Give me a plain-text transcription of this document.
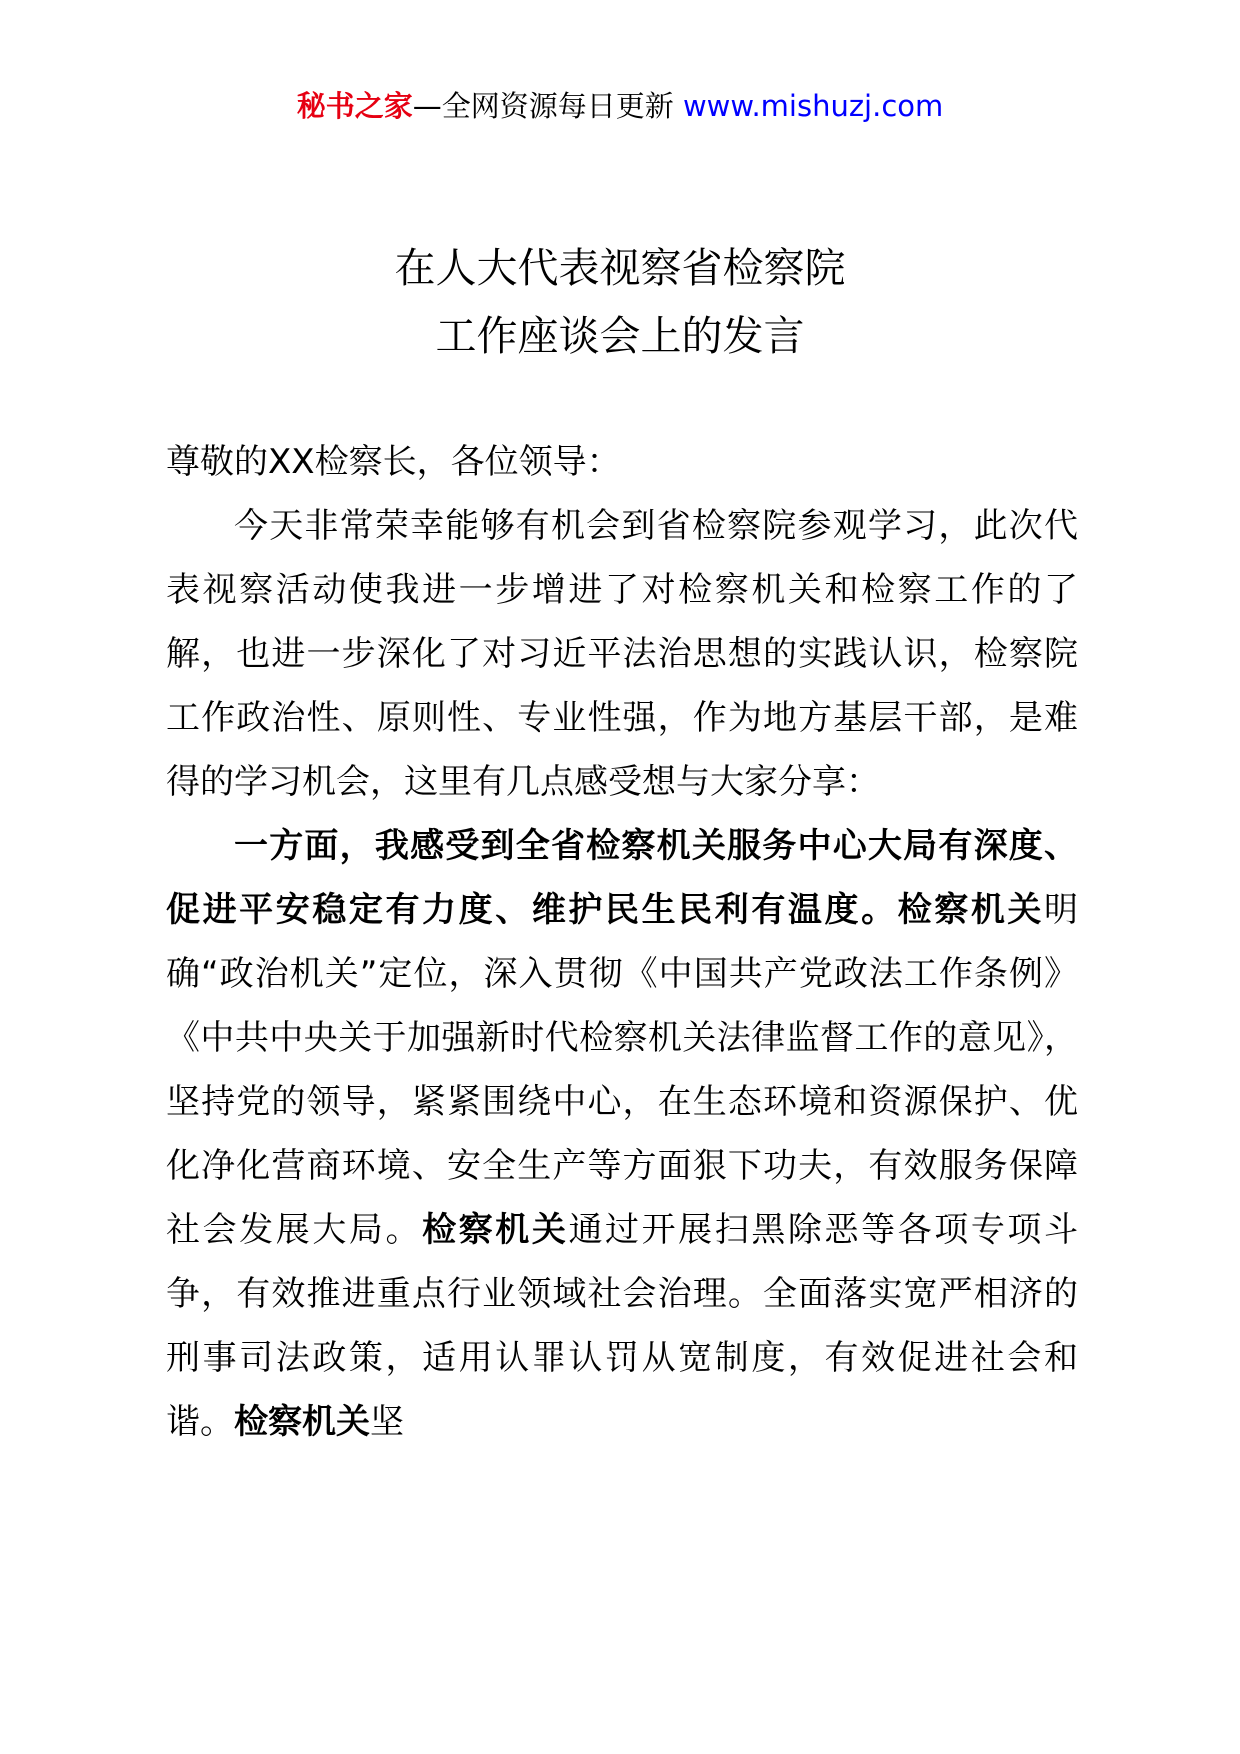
秘书之家—全网资源每日更新 www.mishuzj.com
在人大代表视察省检察院
工作座谈会上的发言

尊敬的XX检察长，各位领导：

今天非常荣幸能够有机会到省检察院参观学习，此次代表视察活动使我进一步增进了对检察机关和检察工作的了解，也进一步深化了对习近平法治思想的实践认识，检察院工作政治性、原则性、专业性强，作为地方基层干部，是难得的学习机会，这里有几点感受想与大家分享：

一方面，我感受到全省检察机关服务中心大局有深度、促进平安稳定有力度、维护民生民利有温度。检察机关明确“政治机关”定位，深入贯彻《中国共产党政法工作条例》《中共中央关于加强新时代检察机关法律监督工作的意见》，坚持党的领导，紧紧围绕中心，在生态环境和资源保护、优化净化营商环境、安全生产等方面狠下功夫，有效服务保障社会发展大局。检察机关通过开展扫黑除恶等各项专项斗争，有效推进重点行业领域社会治理。全面落实宽严相济的刑事司法政策，适用认罪认罚从宽制度，有效促进社会和谐。检察机关坚
